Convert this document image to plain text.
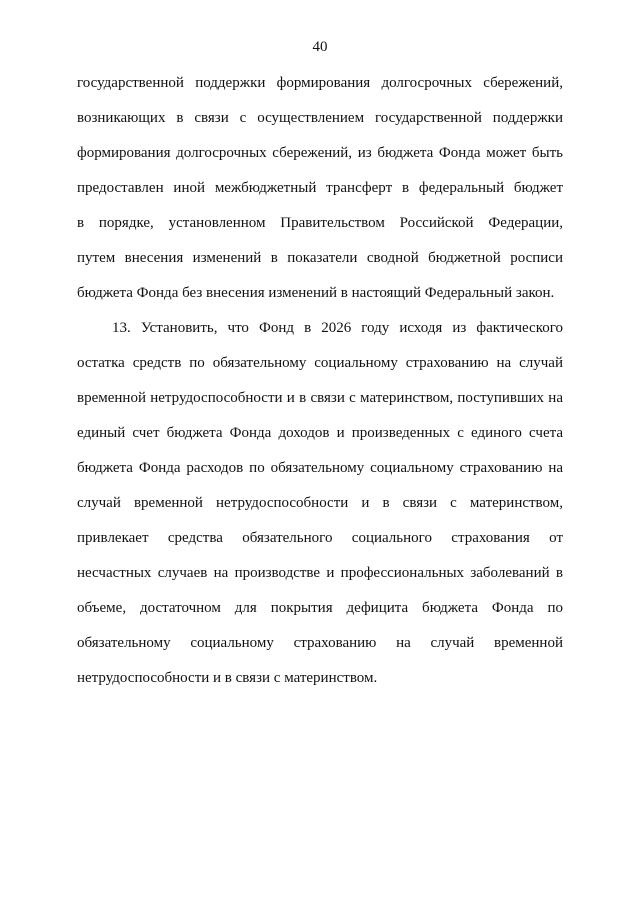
40
государственной поддержки формирования долгосрочных сбережений,
возникающих в связи с осуществлением государственной поддержки
формирования долгосрочных сбережений, из бюджета Фонда может быть
предоставлен иной межбюджетный трансферт в федеральный бюджет
в порядке, установленном Правительством Российской Федерации,
путем внесения изменений в показатели сводной бюджетной росписи
бюджета Фонда без внесения изменений в настоящий Федеральный закон.
13. Установить, что Фонд в 2026 году исходя из фактического
остатка средств по обязательному социальному страхованию на случай
временной нетрудоспособности и в связи с материнством, поступивших на
единый счет бюджета Фонда доходов и произведенных с единого счета
бюджета Фонда расходов по обязательному социальному страхованию на
случай временной нетрудоспособности и в связи с материнством,
привлекает средства обязательного социального страхования от
несчастных случаев на производстве и профессиональных заболеваний в
объеме, достаточном для покрытия дефицита бюджета Фонда по
обязательному социальному страхованию на случай временной
нетрудоспособности и в связи с материнством.
